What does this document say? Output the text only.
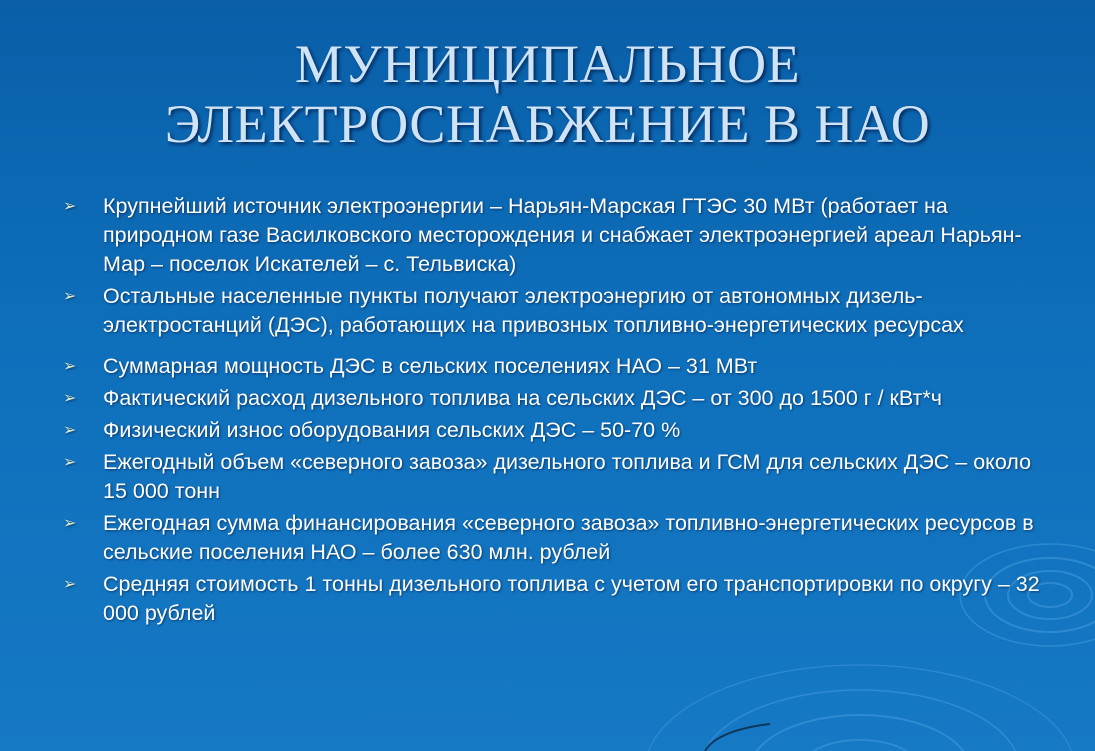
МУНИЦИПАЛЬНОЕ
ЭЛЕКТРОСНАБЖЕНИЕ В НАО
➢	Крупнейший источник электроэнергии – Нарьян-Марская ГТЭС 30 МВт (работает на природном газе Василковского месторождения и снабжает электроэнергией ареал Нарьян-Мар – поселок Искателей – с. Тельвиска)
➢	Остальные населенные пункты получают электроэнергию от автономных дизель-электростанций (ДЭС), работающих на привозных топливно-энергетических ресурсах
➢	Суммарная мощность ДЭС в сельских поселениях НАО – 31 МВт
➢	Фактический расход дизельного топлива на сельских ДЭС – от 300 до 1500 г / кВт*ч
➢	Физический износ оборудования сельских ДЭС – 50-70 %
➢	Ежегодный объем «северного завоза» дизельного топлива и ГСМ для сельских ДЭС – около 15 000 тонн
➢	Ежегодная сумма финансирования «северного завоза» топливно-энергетических ресурсов в сельские поселения НАО – более 630 млн. рублей
➢	Средняя стоимость 1 тонны дизельного топлива с учетом его транспортировки по округу – 32 000 рублей
